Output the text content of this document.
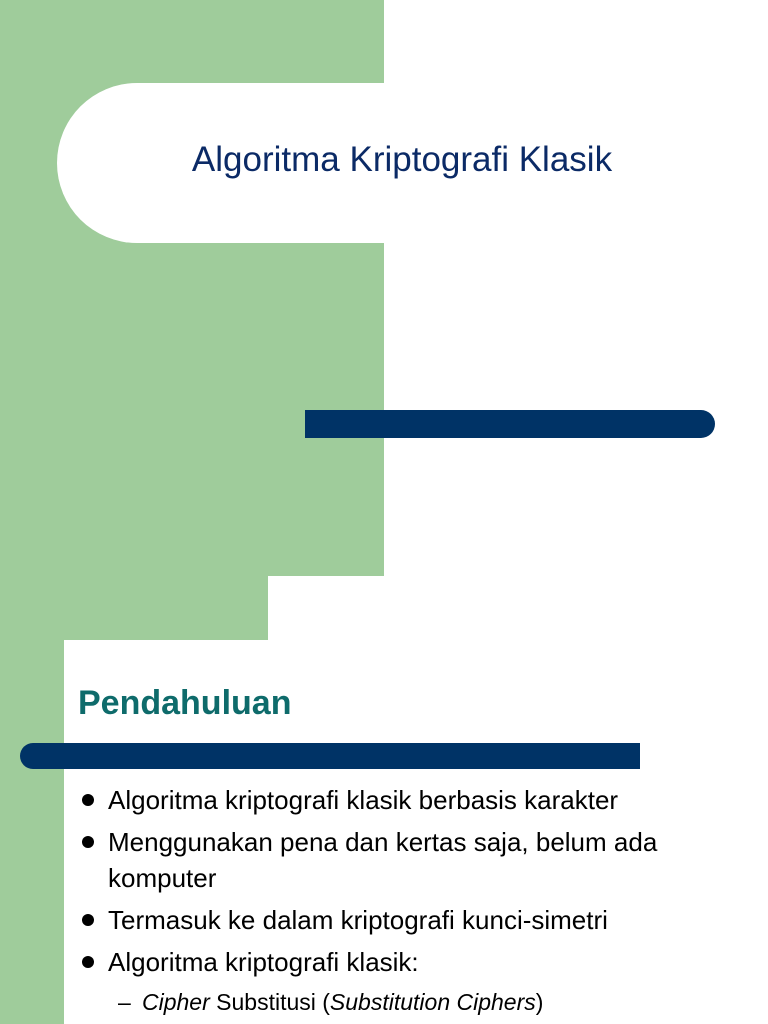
Algoritma Kriptografi Klasik
Pendahuluan
Algoritma kriptografi klasik berbasis karakter
Menggunakan pena dan kertas saja, belum ada komputer
Termasuk ke dalam kriptografi kunci-simetri
Algoritma kriptografi klasik:
– Cipher Substitusi (Substitution Ciphers)
